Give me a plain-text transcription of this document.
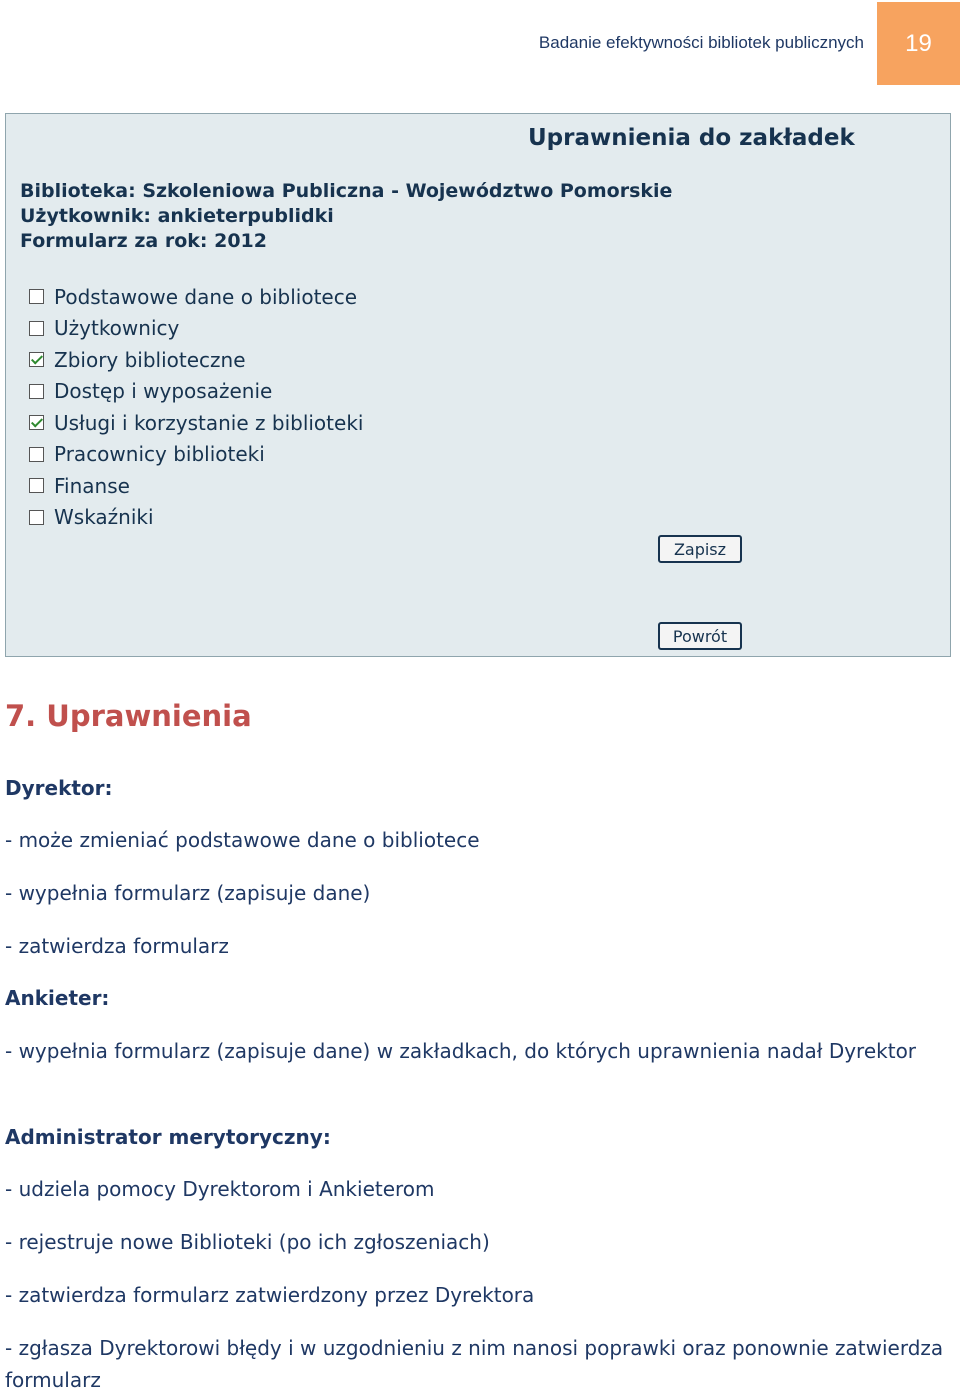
Badanie efektywności bibliotek publicznych	19
Uprawnienia do zakładek
Biblioteka: Szkoleniowa Publiczna - Województwo Pomorskie
Użytkownik: ankieterpublidki
Formularz za rok: 2012
Podstawowe dane o bibliotece
Użytkownicy
Zbiory biblioteczne
Dostęp i wyposażenie
Usługi i korzystanie z biblioteki
Pracownicy biblioteki
Finanse
Wskaźniki
Zapisz
Powrót
7. Uprawnienia
Dyrektor:
- może zmieniać podstawowe dane o bibliotece
- wypełnia formularz (zapisuje dane)
- zatwierdza formularz
Ankieter:
- wypełnia formularz (zapisuje dane) w zakładkach, do których uprawnienia nadał Dyrektor
Administrator merytoryczny:
- udziela pomocy Dyrektorom i Ankieterom
- rejestruje nowe Biblioteki (po ich zgłoszeniach)
- zatwierdza formularz zatwierdzony przez Dyrektora
- zgłasza Dyrektorowi błędy i w uzgodnieniu z nim nanosi poprawki oraz ponownie zatwierdza formularz
